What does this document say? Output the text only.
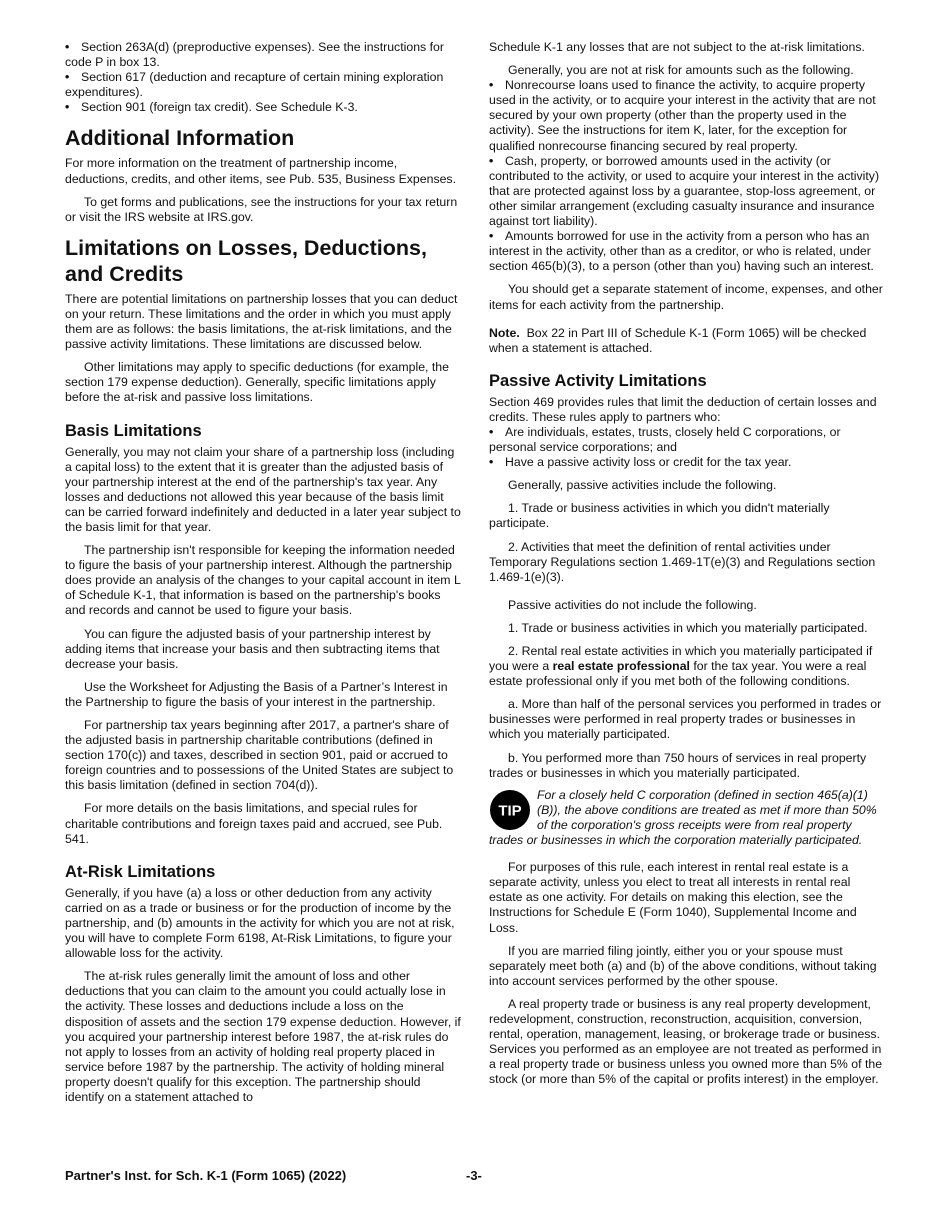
• Section 263A(d) (preproductive expenses). See the instructions for code P in box 13.

• Section 617 (deduction and recapture of certain mining exploration expenditures).

• Section 901 (foreign tax credit). See Schedule K-3.

Additional Information

For more information on the treatment of partnership income, deductions, credits, and other items, see Pub. 535, Business Expenses.

To get forms and publications, see the instructions for your tax return or visit the IRS website at IRS.gov.

Limitations on Losses, Deductions, and Credits

There are potential limitations on partnership losses that you can deduct on your return. These limitations and the order in which you must apply them are as follows: the basis limitations, the at-risk limitations, and the passive activity limitations. These limitations are discussed below.

Other limitations may apply to specific deductions (for example, the section 179 expense deduction). Generally, specific limitations apply before the at-risk and passive loss limitations.

Basis Limitations

Generally, you may not claim your share of a partnership loss (including a capital loss) to the extent that it is greater than the adjusted basis of your partnership interest at the end of the partnership's tax year. Any losses and deductions not allowed this year because of the basis limit can be carried forward indefinitely and deducted in a later year subject to the basis limit for that year.

The partnership isn't responsible for keeping the information needed to figure the basis of your partnership interest. Although the partnership does provide an analysis of the changes to your capital account in item L of Schedule K-1, that information is based on the partnership's books and records and cannot be used to figure your basis.

You can figure the adjusted basis of your partnership interest by adding items that increase your basis and then subtracting items that decrease your basis.

Use the Worksheet for Adjusting the Basis of a Partner’s Interest in the Partnership to figure the basis of your interest in the partnership.

For partnership tax years beginning after 2017, a partner's share of the adjusted basis in partnership charitable contributions (defined in section 170(c)) and taxes, described in section 901, paid or accrued to foreign countries and to possessions of the United States are subject to this basis limitation (defined in section 704(d)).

For more details on the basis limitations, and special rules for charitable contributions and foreign taxes paid and accrued, see Pub. 541.

At-Risk Limitations

Generally, if you have (a) a loss or other deduction from any activity carried on as a trade or business or for the production of income by the partnership, and (b) amounts in the activity for which you are not at risk, you will have to complete Form 6198, At-Risk Limitations, to figure your allowable loss for the activity.

The at-risk rules generally limit the amount of loss and other deductions that you can claim to the amount you could actually lose in the activity. These losses and deductions include a loss on the disposition of assets and the section 179 expense deduction. However, if you acquired your partnership interest before 1987, the at-risk rules do not apply to losses from an activity of holding real property placed in service before 1987 by the partnership. The activity of holding mineral property doesn't qualify for this exception. The partnership should identify on a statement attached to

Schedule K-1 any losses that are not subject to the at-risk limitations.

Generally, you are not at risk for amounts such as the following.

• Nonrecourse loans used to finance the activity, to acquire property used in the activity, or to acquire your interest in the activity that are not secured by your own property (other than the property used in the activity). See the instructions for item K, later, for the exception for qualified nonrecourse financing secured by real property.

• Cash, property, or borrowed amounts used in the activity (or contributed to the activity, or used to acquire your interest in the activity) that are protected against loss by a guarantee, stop-loss agreement, or other similar arrangement (excluding casualty insurance and insurance against tort liability).

• Amounts borrowed for use in the activity from a person who has an interest in the activity, other than as a creditor, or who is related, under section 465(b)(3), to a person (other than you) having such an interest.

You should get a separate statement of income, expenses, and other items for each activity from the partnership.

Note. Box 22 in Part III of Schedule K-1 (Form 1065) will be checked when a statement is attached.

Passive Activity Limitations

Section 469 provides rules that limit the deduction of certain losses and credits. These rules apply to partners who:

• Are individuals, estates, trusts, closely held C corporations, or personal service corporations; and

• Have a passive activity loss or credit for the tax year.

Generally, passive activities include the following.

1. Trade or business activities in which you didn't materially participate.

2. Activities that meet the definition of rental activities under Temporary Regulations section 1.469-1T(e)(3) and Regulations section 1.469-1(e)(3).

Passive activities do not include the following.

1. Trade or business activities in which you materially participated.

2. Rental real estate activities in which you materially participated if you were a real estate professional for the tax year. You were a real estate professional only if you met both of the following conditions.

a. More than half of the personal services you performed in trades or businesses were performed in real property trades or businesses in which you materially participated.

b. You performed more than 750 hours of services in real property trades or businesses in which you materially participated.

TIP

For a closely held C corporation (defined in section 465(a)(1)(B)), the above conditions are treated as met if more than 50% of the corporation's gross receipts were from real property trades or businesses in which the corporation materially participated.

For purposes of this rule, each interest in rental real estate is a separate activity, unless you elect to treat all interests in rental real estate as one activity. For details on making this election, see the Instructions for Schedule E (Form 1040), Supplemental Income and Loss.

If you are married filing jointly, either you or your spouse must separately meet both (a) and (b) of the above conditions, without taking into account services performed by the other spouse.

A real property trade or business is any real property development, redevelopment, construction, reconstruction, acquisition, conversion, rental, operation, management, leasing, or brokerage trade or business. Services you performed as an employee are not treated as performed in a real property trade or business unless you owned more than 5% of the stock (or more than 5% of the capital or profits interest) in the employer.

Partner's Inst. for Sch. K-1 (Form 1065) (2022)	-3-
